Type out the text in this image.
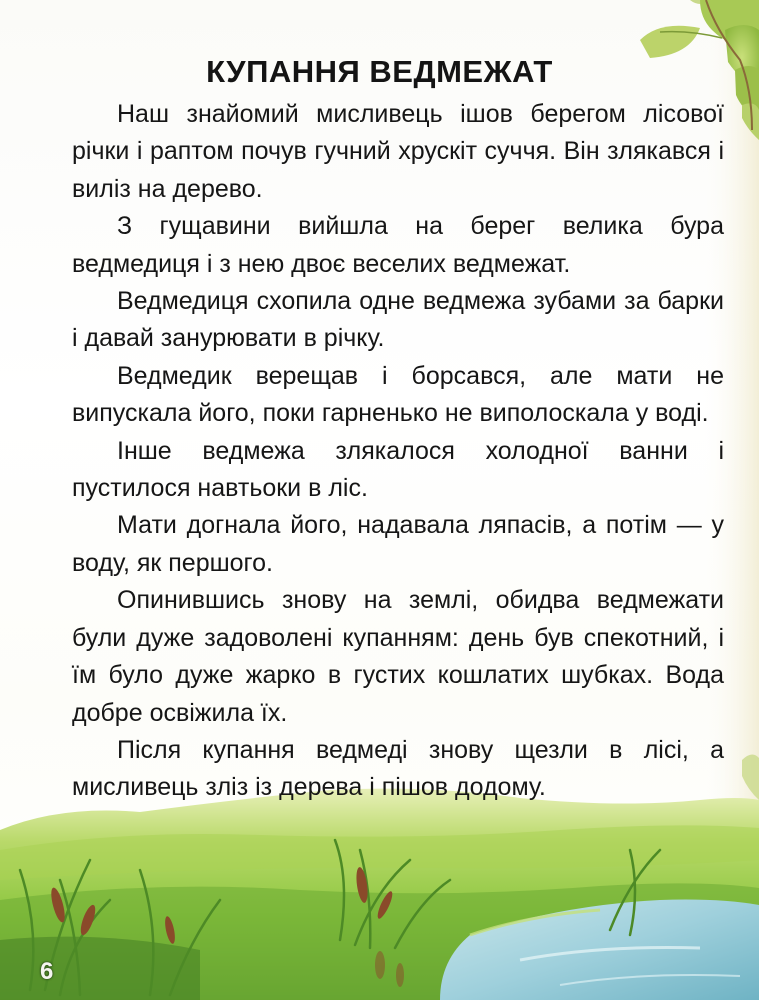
КУПАННЯ ВЕДМЕЖАТ

Наш знайомий мисливець ішов берегом лісової річки і раптом почув гучний хрускіт суччя. Він злякався і виліз на дерево.

З гущавини вийшла на берег велика бура ведмедиця і з нею двоє веселих ведмежат.

Ведмедиця схопила одне ведмежа зубами за барки і давай занурювати в річку.

Ведмедик верещав і борсався, але мати не випускала його, поки гарненько не виполоскала у воді.

Інше ведмежа злякалося холодної ванни і пустилося навтьоки в ліс.

Мати догнала його, надавала ляпасів, а потім — у воду, як першого.

Опинившись знову на землі, обидва ведмежати були дуже задоволені купанням: день був спекотний, і їм було дуже жарко в густих кошлатих шубках. Вода добре освіжила їх.

Після купання ведмеді знову щезли в лісі, а мисливець зліз із дерева і пішов додому.

6
